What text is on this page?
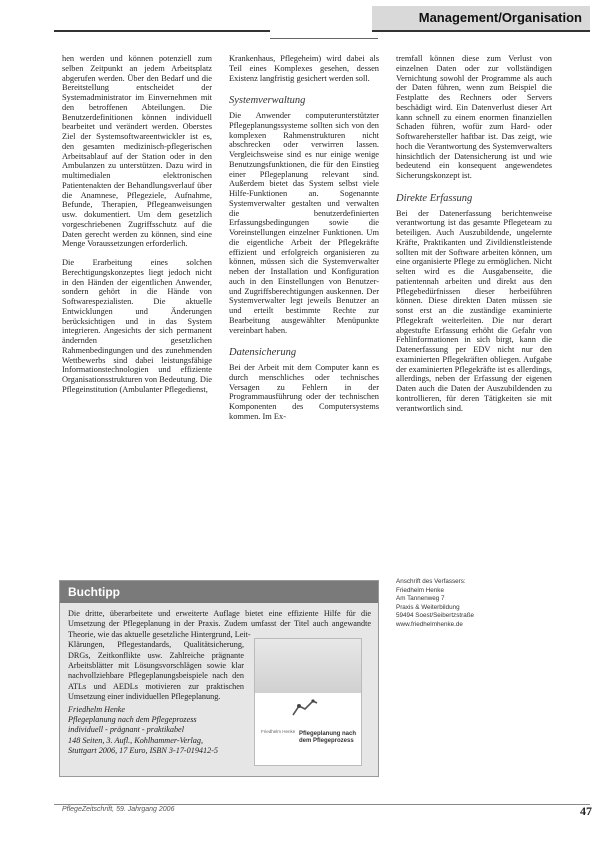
Management/Organisation

hen werden und können potenziell zum selben Zeitpunkt an jedem Arbeitsplatz abgerufen werden. Über den Bedarf und die Bereitstellung entscheidet der Systemadministrator im Einvernehmen mit den betroffenen Abteilungen. Die Benutzerdefinitionen können individuell bearbeitet und verändert werden. Oberstes Ziel der Systemsoftwareentwickler ist es, den gesamten medizinisch-pflegerischen Arbeitsablauf auf der Station oder in den Ambulanzen zu unterstützen. Dazu wird in multimedialen elektronischen Patientenakten der Behandlungsverlauf über die Anamnese, Pflegeziele, Aufnahme, Befunde, Therapien, Pflegeanweisungen usw. dokumentiert. Um dem gesetzlich vorgeschriebenen Zugriffsschutz auf die Daten gerecht werden zu können, sind eine Menge Voraussetzungen erforderlich.

Die Erarbeitung eines solchen Berechtigungskonzeptes liegt jedoch nicht in den Händen der eigentlichen Anwender, sondern gehört in die Hände von Softwarespezialisten. Die aktuelle Entwicklungen und Änderungen berücksichtigen und in das System integrieren. Angesichts der sich permanent ändernden gesetzlichen Rahmenbedingungen und des zunehmenden Wettbewerbs sind dabei leistungsfähige Informationstechnologien und effiziente Organisationsstrukturen von Bedeutung. Die Pflegeinstitution (Ambulanter Pflegedienst,

Krankenhaus, Pflegeheim) wird dabei als Teil eines Komplexes gesehen, dessen Existenz langfristig gesichert werden soll.

Systemverwaltung

Die Anwender computerunterstützter Pflegeplanungssysteme sollten sich von den komplexen Rahmenstrukturen nicht abschrecken oder verwirren lassen. Vergleichsweise sind es nur einige wenige Benutzungsfunktionen, die für den Einstieg einer Pflegeplanung relevant sind. Außerdem bietet das System selbst viele Hilfe-Funktionen an. Sogenannte Systemverwalter gestalten und verwalten die benutzerdefinierten Erfassungsbedingungen sowie die Voreinstellungen einzelner Funktionen. Um die eigentliche Arbeit der Pflegekräfte effizient und erfolgreich organisieren zu können, müssen sich die Systemverwalter neben der Installation und Konfiguration auch in den Einstellungen von Benutzer- und Zugriffsberechtigungen auskennen. Der Systemverwalter legt jeweils Benutzer an und erteilt bestimmte Rechte zur Bearbeitung ausgewählter Menüpunkte vereinbart haben.

Datensicherung

Bei der Arbeit mit dem Computer kann es durch menschliches oder technisches Versagen zu Fehlern in der Programmausführung oder der technischen Komponenten des Computersystems kommen. Im Ex-

tremfall können diese zum Verlust von einzelnen Daten oder zur vollständigen Vernichtung sowohl der Programme als auch der Daten führen, wenn zum Beispiel die Festplatte des Rechners oder Servers beschädigt wird. Ein Datenverlust dieser Art kann schnell zu einem enormen finanziellen Schaden führen, wofür zum Hard- oder Softwarehersteller haftbar ist. Das zeigt, wie hoch die Verantwortung des Systemverwalters hinsichtlich der Datensicherung ist und wie bedeutend ein konsequent angewendetes Sicherungskonzept ist.

Direkte Erfassung

Bei der Datenerfassung berichtenweise verantwortung ist das gesamte Pflegeteam zu beteiligen. Auch Auszubildende, ungelernte Kräfte, Praktikanten und Zivildienstleistende sollten mit der Software arbeiten können, um eine organisierte Pflege zu ermöglichen. Nicht selten wird es die Ausgabenseite, die patientennah arbeiten und direkt aus den Pflegebedürfnissen dieser herbeiführen können. Diese direkten Daten müssen sie sonst erst an die zuständige examinierte Pflegekraft weiterleiten. Die nur derart abgestufte Erfassung erhöht die Gefahr von Fehlinformationen in sich birgt, kann die Datenerfassung per EDV nicht nur den examinierten Pflegekräften obliegen. Aufgabe der examinierten Pflegekräfte ist es allerdings, allerdings, neben der Erfassung der eigenen Daten auch die Daten der Auszubildenden zu kontrollieren, für deren Tätigkeiten sie mit verantwortlich sind.

Buchtipp
Die dritte, überarbeitete und erweiterte Auflage bietet eine effiziente Hilfe für die Umsetzung der Pflegeplanung in der Praxis. Zudem umfasst der Titel auch angewandte Theorie, wie das aktuelle gesetzliche Hintergrund, Leit-
Klärungen, Pflegestandards, Qualitätsicherung, DRGs, Zeitkonflikte usw. Zahlreiche prägnante Arbeitsblätter mit Lösungsvorschlägen sowie klar nachvollziehbare Pflegeplanungsbeispiele nach den ATLs und AEDLs motivieren zur praktischen Umsetzung einer individuellen Pflegeplanung.
Friedhelm Henke
Pflegeplanung nach dem Pflegeprozess
individuell - prägnant - praktikabel
148 Seiten, 3. Aufl., Kohlhammer-Verlag,
Stuttgart 2006, 17 Euro, ISBN 3-17-019412-5
Friedhelm Henke Pflegeplanung nach dem Pflegeprozess
Anschrift des Verfassers:
Friedhelm Henke
Am Tannenweg 7
Praxis & Weiterbildung
59494 Soest/Seibertzstraße
www.friedhelmhenke.de
PflegeZeitschrift, 59. Jahrgang 2006	47
